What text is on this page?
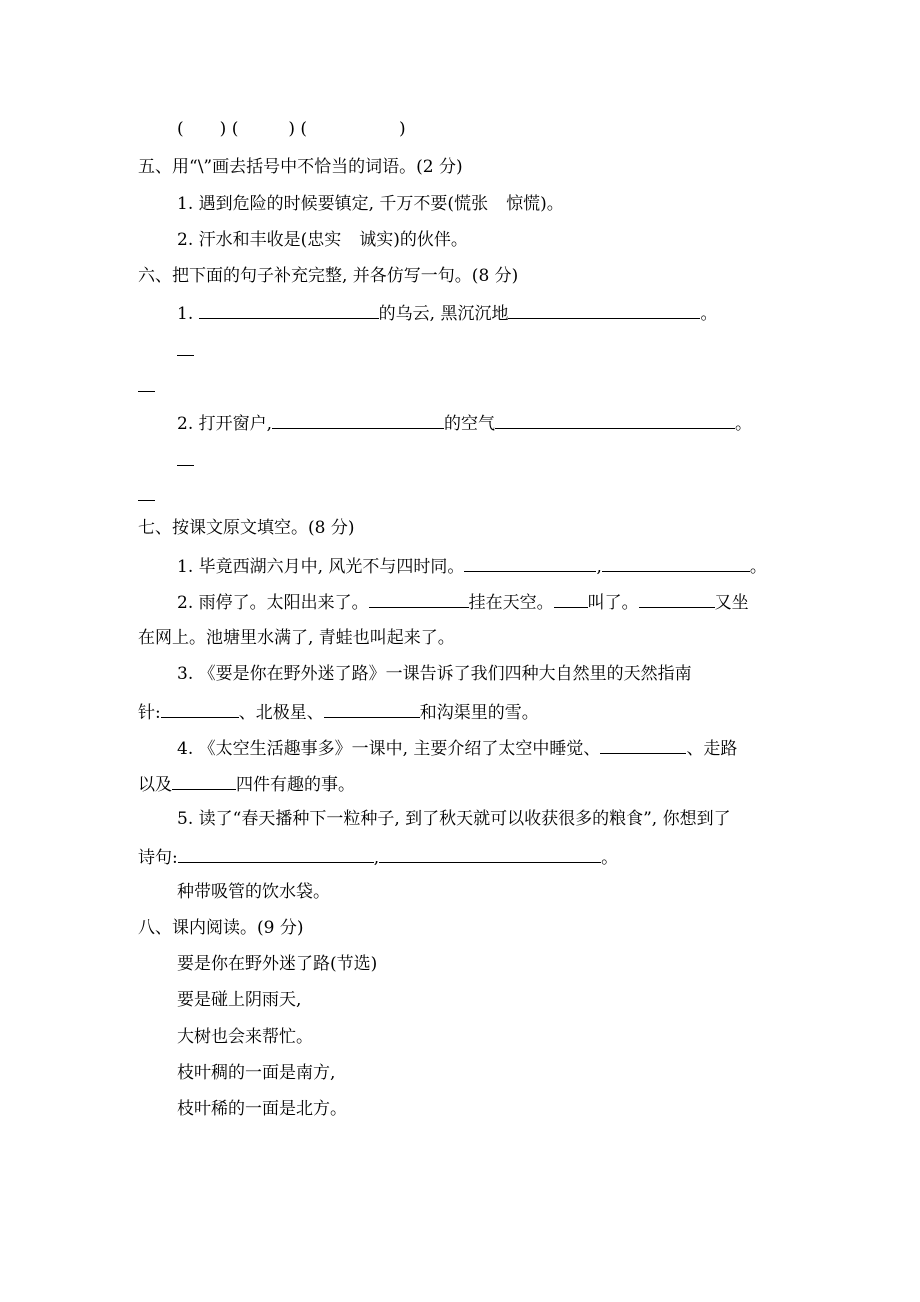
( ) (	) (	)
五、用“\”画去括号中不恰当的词语。(2 分)
1. 遇到危险的时候要镇定, 千万不要(慌张 惊慌)。
2. 汗水和丰收是(忠实 诚实)的伙伴。
六、把下面的句子补充完整, 并各仿写一句。(8 分)
1.	的乌云, 黑沉沉地	。
2. 打开窗户,	的空气	。
七、按课文原文填空。(8 分)
1. 毕竟西湖六月中, 风光不与四时同。	,	。
2. 雨停了。太阳出来了。	挂在天空。 叫了。	又坐
在网上。池塘里水满了, 青蛙也叫起来了。
3. 《要是你在野外迷了路》一课告诉了我们四种大自然里的天然指南
针:	、北极星、	和沟渠里的雪。
4. 《太空生活趣事多》一课中, 主要介绍了太空中睡觉、	、走路
以及	四件有趣的事。
5. 读了“春天播种下一粒种子, 到了秋天就可以收获很多的粮食”, 你想到了
诗句:	,	。
种带吸管的饮水袋。
八、课内阅读。(9 分)
要是你在野外迷了路(节选)
要是碰上阴雨天,
大树也会来帮忙。
枝叶稠的一面是南方,
枝叶稀的一面是北方。
